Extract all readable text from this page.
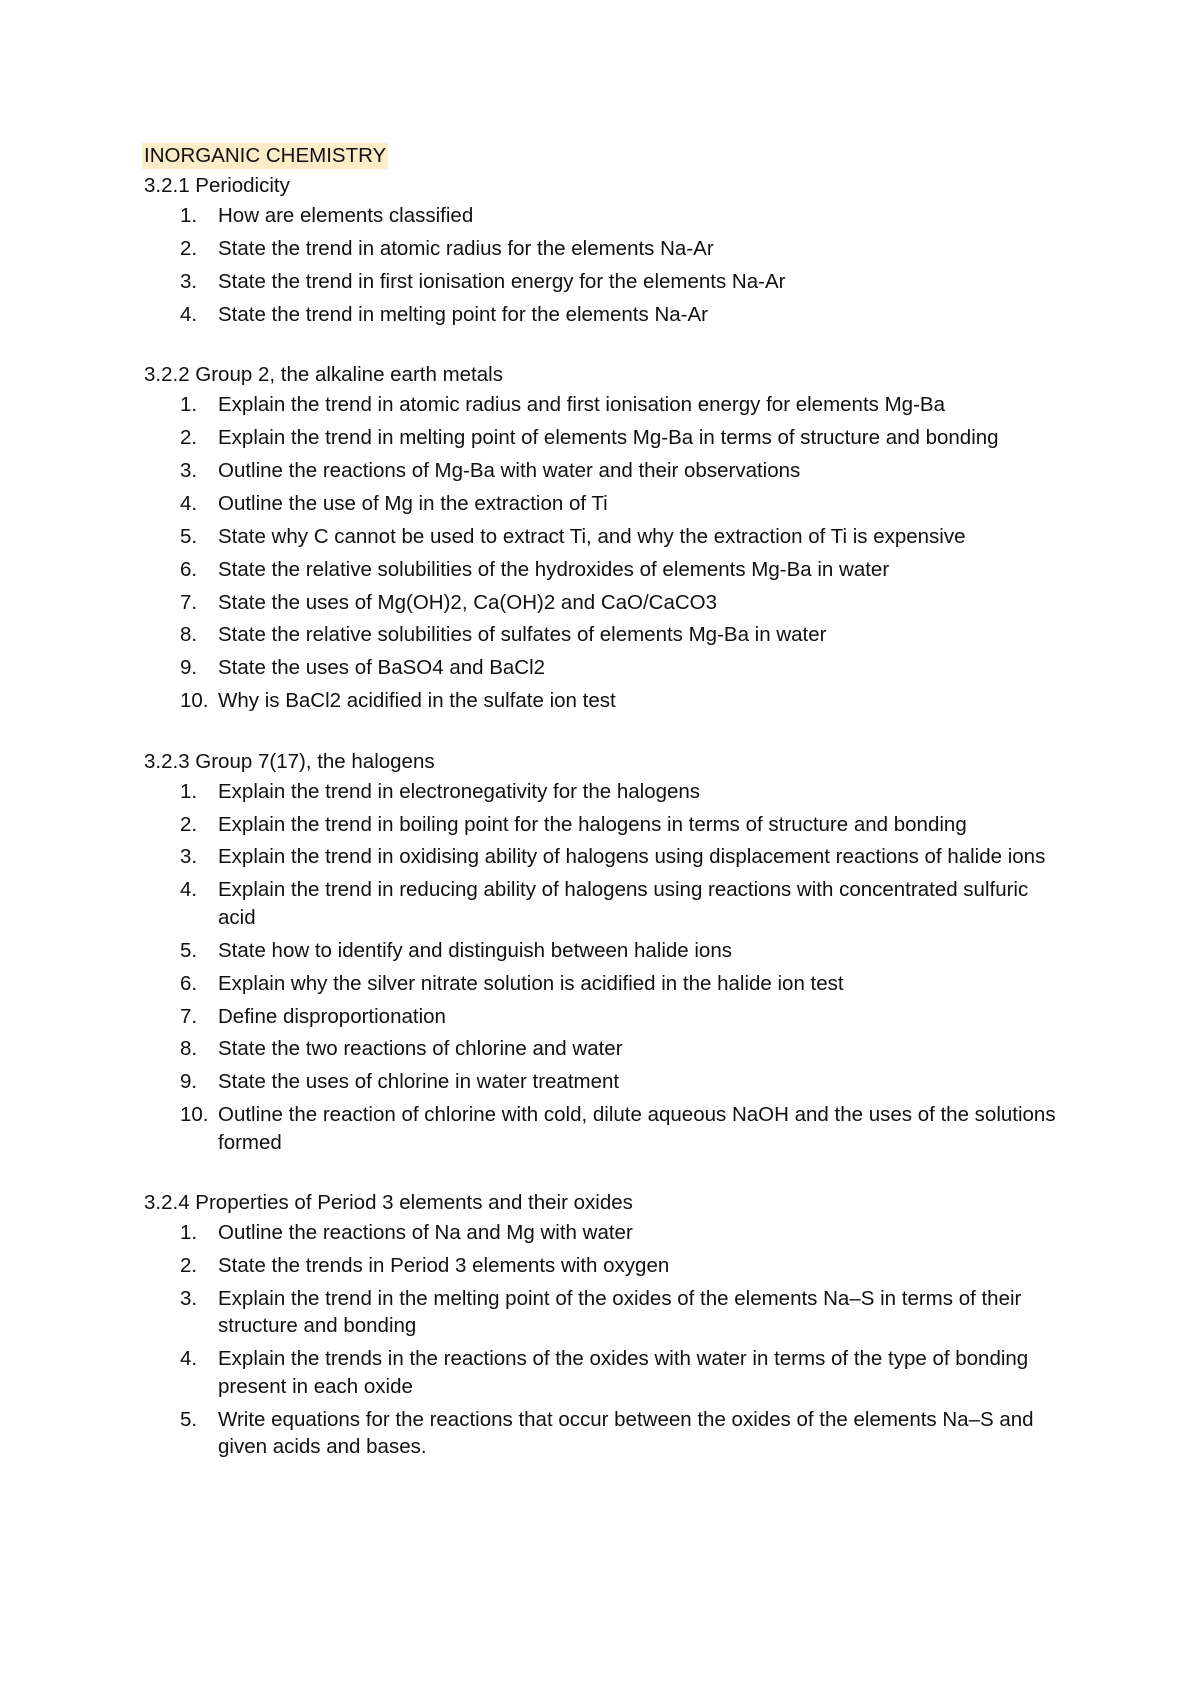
INORGANIC CHEMISTRY
3.2.1 Periodicity
1. How are elements classified
2. State the trend in atomic radius for the elements Na-Ar
3. State the trend in first ionisation energy for the elements Na-Ar
4. State the trend in melting point for the elements Na-Ar
3.2.2 Group 2, the alkaline earth metals
1. Explain the trend in atomic radius and first ionisation energy for elements Mg-Ba
2. Explain the trend in melting point of elements Mg-Ba in terms of structure and bonding
3. Outline the reactions of Mg-Ba with water and their observations
4. Outline the use of Mg in the extraction of Ti
5. State why C cannot be used to extract Ti, and why the extraction of Ti is expensive
6. State the relative solubilities of the hydroxides of elements Mg-Ba in water
7. State the uses of Mg(OH)2, Ca(OH)2 and CaO/CaCO3
8. State the relative solubilities of sulfates of elements Mg-Ba in water
9. State the uses of BaSO4 and BaCl2
10. Why is BaCl2 acidified in the sulfate ion test
3.2.3 Group 7(17), the halogens
1. Explain the trend in electronegativity for the halogens
2. Explain the trend in boiling point for the halogens in terms of structure and bonding
3. Explain the trend in oxidising ability of halogens using displacement reactions of halide ions
4. Explain the trend in reducing ability of halogens using reactions with concentrated sulfuric acid
5. State how to identify and distinguish between halide ions
6. Explain why the silver nitrate solution is acidified in the halide ion test
7. Define disproportionation
8. State the two reactions of chlorine and water
9. State the uses of chlorine in water treatment
10. Outline the reaction of chlorine with cold, dilute aqueous NaOH and the uses of the solutions formed
3.2.4 Properties of Period 3 elements and their oxides
1. Outline the reactions of Na and Mg with water
2. State the trends in Period 3 elements with oxygen
3. Explain the trend in the melting point of the oxides of the elements Na–S in terms of their structure and bonding
4. Explain the trends in the reactions of the oxides with water in terms of the type of bonding present in each oxide
5. Write equations for the reactions that occur between the oxides of the elements Na–S and given acids and bases.
